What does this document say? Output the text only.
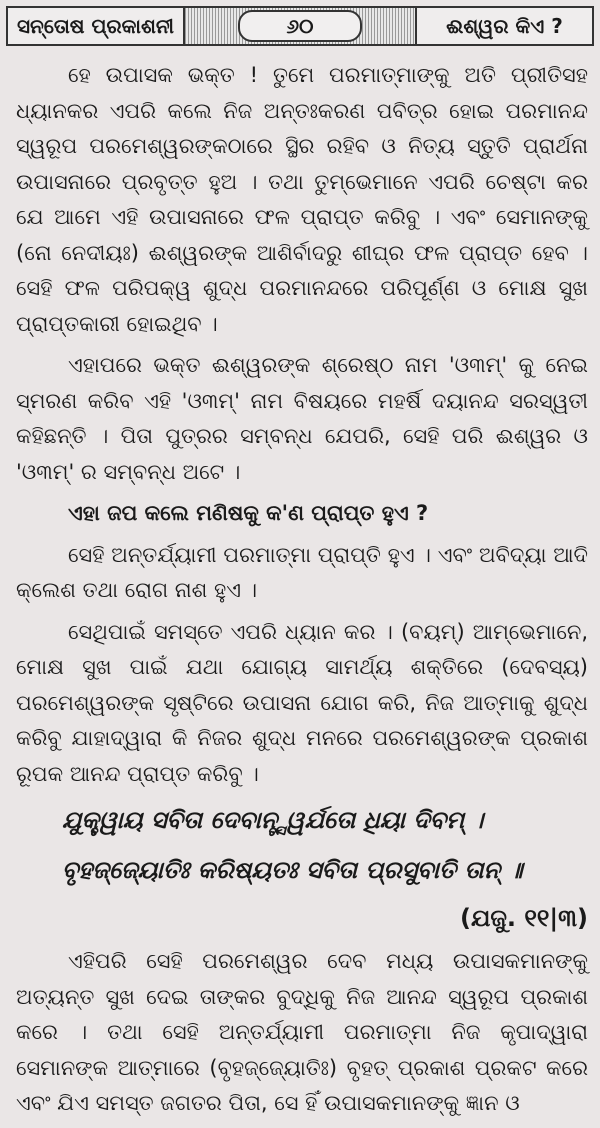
ସନ୍ତୋଷ ପ୍ରକାଶନୀ	୬୦	ଈଶ୍ୱର କିଏ ?

ହେ ଉପାସକ ଭକ୍ତ ! ତୁମେ ପରମାତ୍ମାଙ୍କୁ ଅତି ପ୍ରୀତିସହ ଧ୍ୟାନକର ଏପରି କଲେ ନିଜ ଅନ୍ତଃକରଣ ପବିତ୍ର ହୋଇ ପରମାନନ୍ଦ ସ୍ୱରୂପ ପରମେଶ୍ୱରଙ୍କଠାରେ ସ୍ଥିର ରହିବ ଓ ନିତ୍ୟ ସ୍ତୁତି ପ୍ରାର୍ଥନା ଉପାସନାରେ ପ୍ରବୃତ୍ତ ହୁଅ । ତଥା ତୁମ୍ଭେମାନେ ଏପରି ଚେଷ୍ଟା କର ଯେ ଆମେ ଏହି ଉପାସନାରେ ଫଳ ପ୍ରାପ୍ତ କରିବୁ । ଏବଂ ସେମାନଙ୍କୁ (ନୋ ନେଦୀୟଃ) ଈଶ୍ୱରଙ୍କ ଆଶିର୍ବାଦରୁ ଶୀଘ୍ର ଫଳ ପ୍ରାପ୍ତ ହେବ । ସେହି ଫଳ ପରିପକ୍ୱ ଶୁଦ୍ଧ ପରମାନନ୍ଦରେ ପରିପୂର୍ଣ୍ଣ ଓ ମୋକ୍ଷ ସୁଖ ପ୍ରାପ୍ତକାରୀ ହୋଇଥିବ ।

ଏହାପରେ ଭକ୍ତ ଈଶ୍ୱରଙ୍କ ଶ୍ରେଷ୍ଠ ନାମ 'ଓ୩ମ୍' କୁ ନେଇ ସ୍ମରଣ କରିବ ଏହି 'ଓ୩ମ୍' ନାମ ବିଷୟରେ ମହର୍ଷି ଦୟାନନ୍ଦ ସରସ୍ୱତୀ କହିଛନ୍ତି । ପିତା ପୁତ୍ରର ସମ୍ବନ୍ଧ ଯେପରି, ସେହି ପରି ଈଶ୍ୱର ଓ 'ଓ୩ମ୍' ର ସମ୍ବନ୍ଧ ଅଟେ ।

ଏହା ଜପ କଲେ ମଣିଷକୁ କ'ଣ ପ୍ରାପ୍ତ ହୁଏ ?

ସେହି ଅନ୍ତର୍ଯ୍ୟାମୀ ପରମାତ୍ମା ପ୍ରାପ୍ତି ହୁଏ । ଏବଂ ଅବିଦ୍ୟା ଆଦି କ୍ଲେଶ ତଥା ରୋଗ ନାଶ ହୁଏ ।

ସେଥିପାଇଁ ସମସ୍ତେ ଏପରି ଧ୍ୟାନ କର । (ବୟମ୍) ଆମ୍ଭେମାନେ, ମୋକ୍ଷ ସୁଖ ପାଇଁ ଯଥା ଯୋଗ୍ୟ ସାମର୍ଥ୍ୟ ଶକ୍ତିରେ (ଦେବସ୍ୟ) ପରମେଶ୍ୱରଙ୍କ ସୃଷ୍ଟିରେ ଉପାସନା ଯୋଗ କରି, ନିଜ ଆତ୍ମାକୁ ଶୁଦ୍ଧ କରିବୁ ଯାହାଦ୍ୱାରା କି ନିଜର ଶୁଦ୍ଧ ମନରେ ପରମେଶ୍ୱରଙ୍କ ପ୍ରକାଶ ରୂପକ ଆନନ୍ଦ ପ୍ରାପ୍ତ କରିବୁ ।

ଯୁକ୍ତ୍ୱାୟ ସବିତା ଦେବାନ୍ତ୍ସ୍ୱର୍ଯତୋ ଧିୟା ଦିବମ୍ ।

ବୃହଜ୍ଜ୍ୟୋତିଃ କରିଷ୍ୟତଃ ସବିତା ପ୍ରସୁବାତି ତାନ୍ ॥

(ଯଜୁ. ୧୧|୩)

ଏହିପରି ସେହି ପରମେଶ୍ୱର ଦେବ ମଧ୍ୟ ଉପାସକମାନଙ୍କୁ ଅତ୍ୟନ୍ତ ସୁଖ ଦେଇ ତାଙ୍କର ବୁଦ୍ଧିକୁ ନିଜ ଆନନ୍ଦ ସ୍ୱରୂପ ପ୍ରକାଶ କରେ । ତଥା ସେହି ଅନ୍ତର୍ଯ୍ୟାମୀ ପରମାତ୍ମା ନିଜ କୃପାଦ୍ୱାରା ସେମାନଙ୍କ ଆତ୍ମାରେ (ବୃହଜ୍ଜ୍ୟୋତିଃ) ବୃହତ୍ ପ୍ରକାଶ ପ୍ରକଟ କରେ ଏବଂ ଯିଏ ସମସ୍ତ ଜଗତର ପିତା, ସେ ହିଁ ଉପାସକମାନଙ୍କୁ ଜ୍ଞାନ ଓ
